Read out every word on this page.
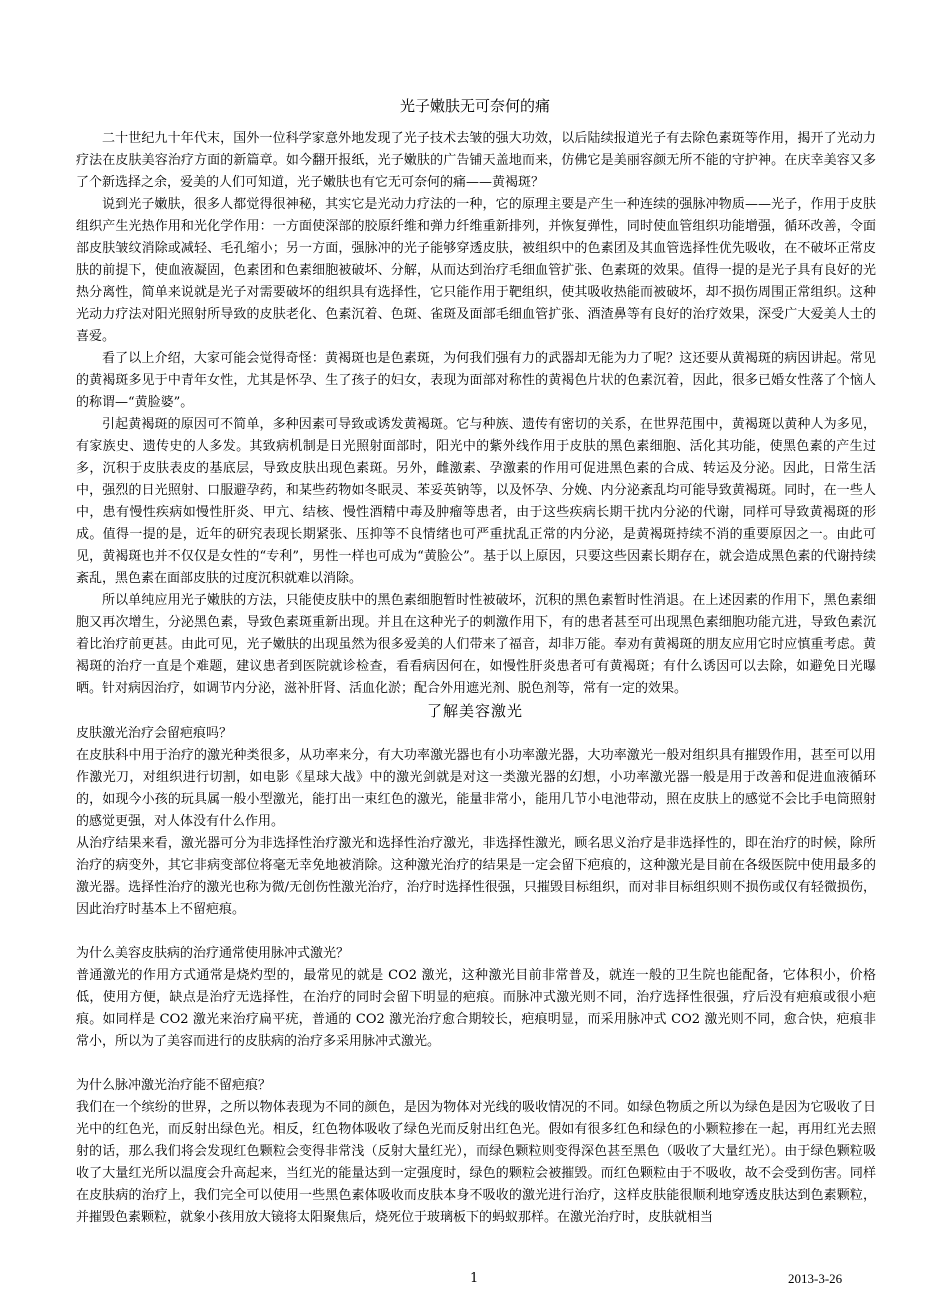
光子嫩肤无可奈何的痛

二十世纪九十年代末，国外一位科学家意外地发现了光子技术去皱的强大功效，以后陆续报道光子有去除色素斑等作用，揭开了光动力疗法在皮肤美容治疗方面的新篇章。如今翻开报纸，光子嫩肤的广告铺天盖地而来，仿佛它是美丽容颜无所不能的守护神。在庆幸美容又多了个新选择之余，爱美的人们可知道，光子嫩肤也有它无可奈何的痛——黄褐斑？

说到光子嫩肤，很多人都觉得很神秘，其实它是光动力疗法的一种，它的原理主要是产生一种连续的强脉冲物质——光子，作用于皮肤组织产生光热作用和光化学作用：一方面使深部的胶原纤维和弹力纤维重新排列，并恢复弹性，同时使血管组织功能增强，循环改善，令面部皮肤皱纹消除或减轻、毛孔缩小；另一方面，强脉冲的光子能够穿透皮肤，被组织中的色素团及其血管选择性优先吸收，在不破坏正常皮肤的前提下，使血液凝固，色素团和色素细胞被破坏、分解，从而达到治疗毛细血管扩张、色素斑的效果。值得一提的是光子具有良好的光热分离性，简单来说就是光子对需要破坏的组织具有选择性，它只能作用于靶组织，使其吸收热能而被破坏，却不损伤周围正常组织。这种光动力疗法对阳光照射所导致的皮肤老化、色素沉着、色斑、雀斑及面部毛细血管扩张、酒渣鼻等有良好的治疗效果，深受广大爱美人士的喜爱。

看了以上介绍，大家可能会觉得奇怪：黄褐斑也是色素斑，为何我们强有力的武器却无能为力了呢？这还要从黄褐斑的病因讲起。常见的黄褐斑多见于中青年女性，尤其是怀孕、生了孩子的妇女，表现为面部对称性的黄褐色片状的色素沉着，因此，很多已婚女性落了个恼人的称谓—“黄脸婆”。

引起黄褐斑的原因可不简单，多种因素可导致或诱发黄褐斑。它与种族、遗传有密切的关系，在世界范围中，黄褐斑以黄种人为多见，有家族史、遗传史的人多发。其致病机制是日光照射面部时，阳光中的紫外线作用于皮肤的黑色素细胞、活化其功能，使黑色素的产生过多，沉积于皮肤表皮的基底层，导致皮肤出现色素斑。另外，雌激素、孕激素的作用可促进黑色素的合成、转运及分泌。因此，日常生活中，强烈的日光照射、口服避孕药，和某些药物如冬眠灵、苯妥英钠等，以及怀孕、分娩、内分泌紊乱均可能导致黄褐斑。同时，在一些人中，患有慢性疾病如慢性肝炎、甲亢、结核、慢性酒精中毒及肿瘤等患者，由于这些疾病长期干扰内分泌的代谢，同样可导致黄褐斑的形成。值得一提的是，近年的研究表现长期紧张、压抑等不良情绪也可严重扰乱正常的内分泌，是黄褐斑持续不消的重要原因之一。由此可见，黄褐斑也并不仅仅是女性的“专利”，男性一样也可成为“黄脸公”。基于以上原因，只要这些因素长期存在，就会造成黑色素的代谢持续紊乱，黑色素在面部皮肤的过度沉积就难以消除。

所以单纯应用光子嫩肤的方法，只能使皮肤中的黑色素细胞暂时性被破坏，沉积的黑色素暂时性消退。在上述因素的作用下，黑色素细胞又再次增生，分泌黑色素，导致色素斑重新出现。并且在这种光子的刺激作用下，有的患者甚至可出现黑色素细胞功能亢进，导致色素沉着比治疗前更甚。由此可见，光子嫩肤的出现虽然为很多爱美的人们带来了福音，却非万能。奉劝有黄褐斑的朋友应用它时应慎重考虑。黄褐斑的治疗一直是个难题，建议患者到医院就诊检查，看看病因何在，如慢性肝炎患者可有黄褐斑；有什么诱因可以去除，如避免日光曝晒。针对病因治疗，如调节内分泌，滋补肝肾、活血化淤；配合外用遮光剂、脱色剂等，常有一定的效果。

了解美容激光

皮肤激光治疗会留疤痕吗？

在皮肤科中用于治疗的激光种类很多，从功率来分，有大功率激光器也有小功率激光器，大功率激光一般对组织具有摧毁作用，甚至可以用作激光刀，对组织进行切割，如电影《星球大战》中的激光剑就是对这一类激光器的幻想，小功率激光器一般是用于改善和促进血液循环的，如现今小孩的玩具属一般小型激光，能打出一束红色的激光，能量非常小，能用几节小电池带动，照在皮肤上的感觉不会比手电筒照射的感觉更强，对人体没有什么作用。

从治疗结果来看，激光器可分为非选择性治疗激光和选择性治疗激光，非选择性激光，顾名思义治疗是非选择性的，即在治疗的时候，除所治疗的病变外，其它非病变部位将毫无幸免地被消除。这种激光治疗的结果是一定会留下疤痕的，这种激光是目前在各级医院中使用最多的激光器。选择性治疗的激光也称为微/无创伤性激光治疗，治疗时选择性很强，只摧毁目标组织，而对非目标组织则不损伤或仅有轻微损伤，因此治疗时基本上不留疤痕。

为什么美容皮肤病的治疗通常使用脉冲式激光？

普通激光的作用方式通常是烧灼型的，最常见的就是 CO2 激光，这种激光目前非常普及，就连一般的卫生院也能配备，它体积小，价格低，使用方便，缺点是治疗无选择性，在治疗的同时会留下明显的疤痕。而脉冲式激光则不同，治疗选择性很强，疗后没有疤痕或很小疤痕。如同样是 CO2 激光来治疗扁平疣，普通的 CO2 激光治疗愈合期较长，疤痕明显，而采用脉冲式 CO2 激光则不同，愈合快，疤痕非常小，所以为了美容而进行的皮肤病的治疗多采用脉冲式激光。

为什么脉冲激光治疗能不留疤痕？

我们在一个缤纷的世界，之所以物体表现为不同的颜色，是因为物体对光线的吸收情况的不同。如绿色物质之所以为绿色是因为它吸收了日光中的红色光，而反射出绿色光。相反，红色物体吸收了绿色光而反射出红色光。假如有很多红色和绿色的小颗粒掺在一起，再用红光去照射的话，那么我们将会发现红色颗粒会变得非常浅（反射大量红光），而绿色颗粒则变得深色甚至黑色（吸收了大量红光）。由于绿色颗粒吸收了大量红光所以温度会升高起来，当红光的能量达到一定强度时，绿色的颗粒会被摧毁。而红色颗粒由于不吸收，故不会受到伤害。同样在皮肤病的治疗上，我们完全可以使用一些黑色素体吸收而皮肤本身不吸收的激光进行治疗，这样皮肤能很顺利地穿透皮肤达到色素颗粒，并摧毁色素颗粒，就象小孩用放大镜将太阳聚焦后，烧死位于玻璃板下的蚂蚁那样。在激光治疗时，皮肤就相当

1	2013-3-26
